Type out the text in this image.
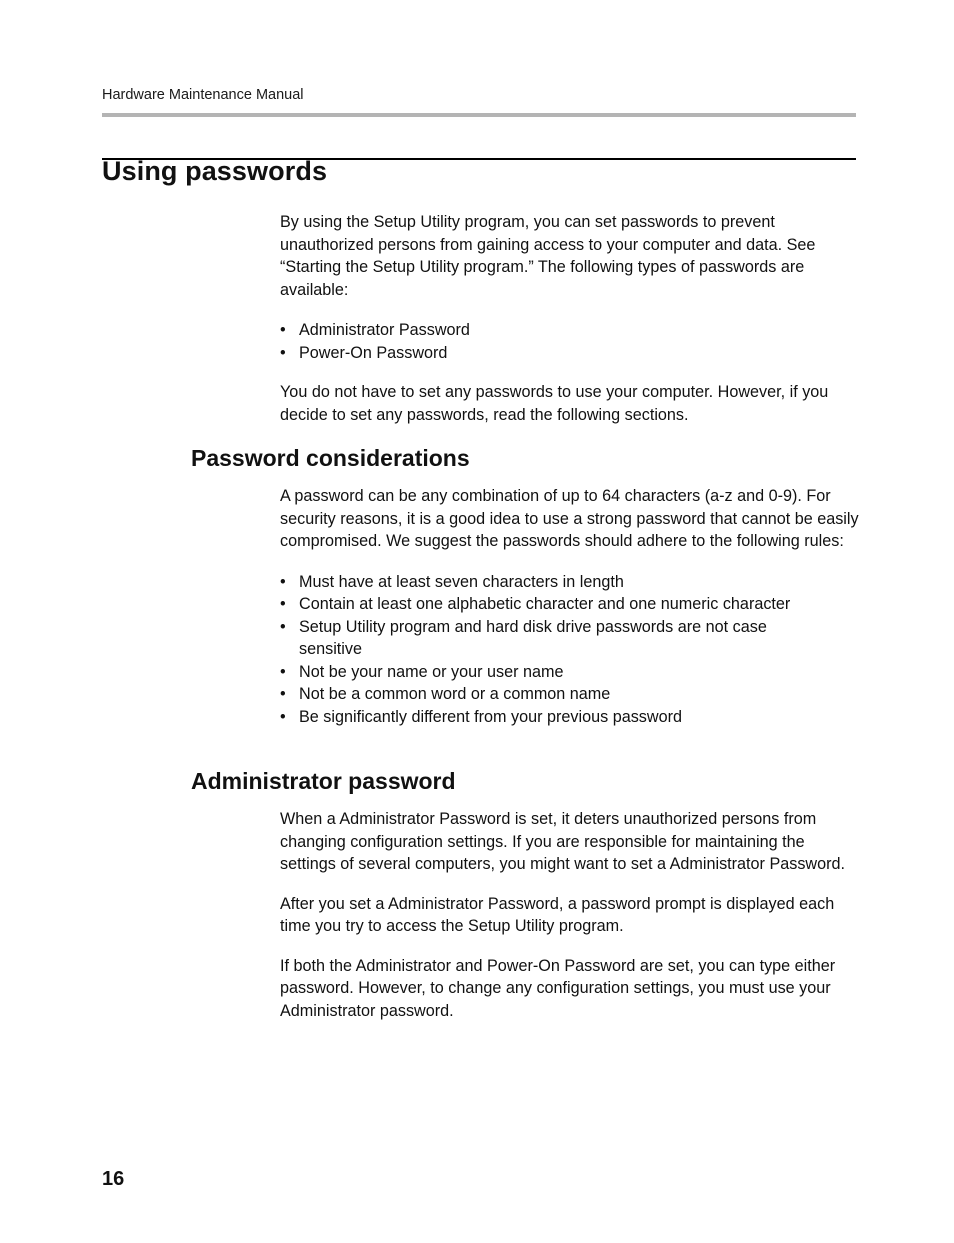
Hardware Maintenance Manual
Using passwords

By using the Setup Utility program, you can set passwords to prevent unauthorized persons from gaining access to your computer and data. See “Starting the Setup Utility program.” The following types of passwords are available:

• Administrator Password
• Power-On Password

You do not have to set any passwords to use your computer. However, if you decide to set any passwords, read the following sections.

Password considerations

A password can be any combination of up to 64 characters (a-z and 0-9). For security reasons, it is a good idea to use a strong password that cannot be easily compromised. We suggest the passwords should adhere to the following rules:

• Must have at least seven characters in length
• Contain at least one alphabetic character and one numeric character
• Setup Utility program and hard disk drive passwords are not case sensitive
• Not be your name or your user name
• Not be a common word or a common name
• Be significantly different from your previous password
Administrator password

When a Administrator Password is set, it deters unauthorized persons from changing configuration settings. If you are responsible for maintaining the settings of several computers, you might want to set a Administrator Password.

After you set a Administrator Password, a password prompt is displayed each time you try to access the Setup Utility program.

If both the Administrator and Power-On Password are set, you can type either password. However, to change any configuration settings, you must use your Administrator password.

16
